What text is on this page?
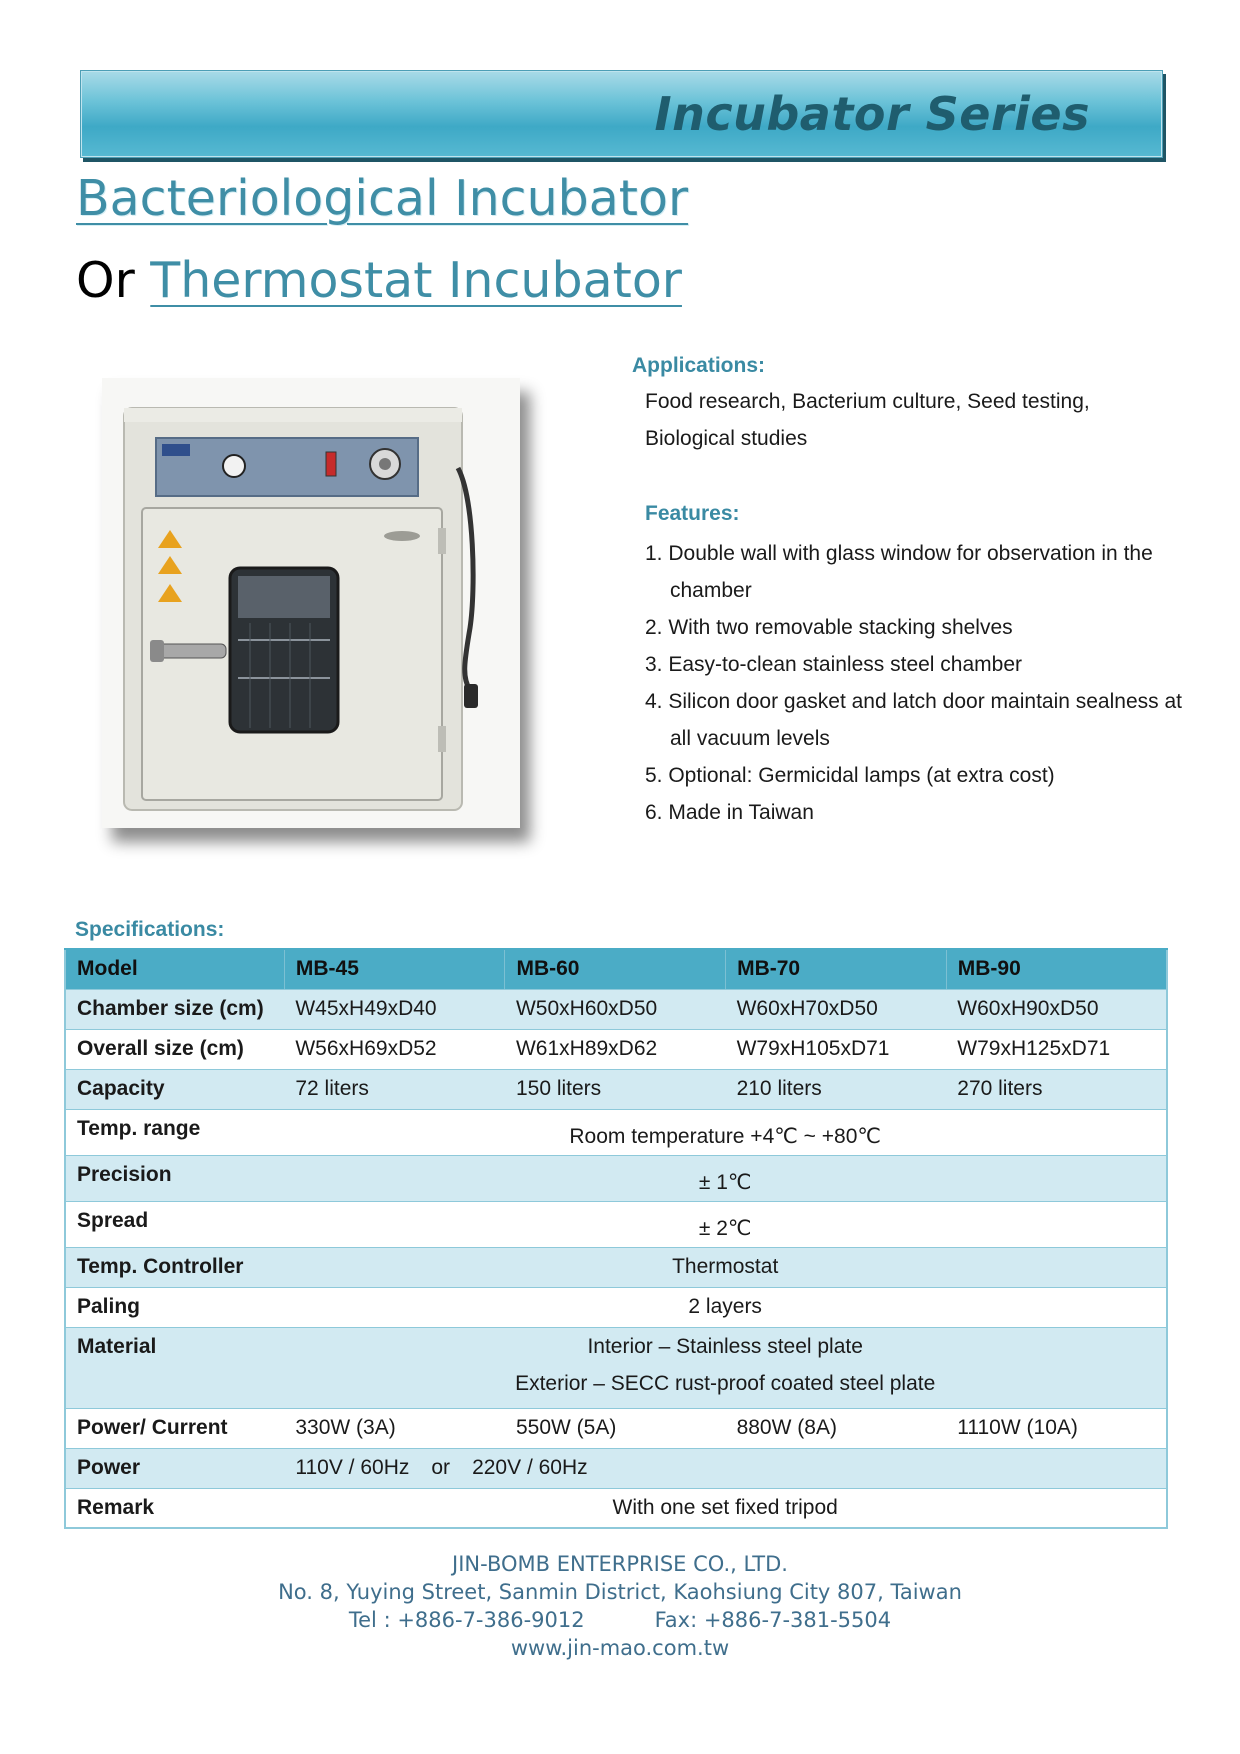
Incubator Series
Bacteriological Incubator
Or Thermostat Incubator
Applications:
Food research, Bacterium culture, Seed testing,
Biological studies
Features:
1. Double wall with glass window for observation in the chamber
2. With two removable stacking shelves
3. Easy-to-clean stainless steel chamber
4. Silicon door gasket and latch door maintain sealness at all vacuum levels
5. Optional: Germicidal lamps (at extra cost)
6. Made in Taiwan
Specifications:
Model	MB-45	MB-60	MB-70	MB-90
Chamber size (cm)	W45xH49xD40	W50xH60xD50	W60xH70xD50	W60xH90xD50
Overall size (cm)	W56xH69xD52	W61xH89xD62	W79xH105xD71	W79xH125xD71
Capacity	72 liters	150 liters	210 liters	270 liters
Temp. range	Room temperature +4℃ ~ +80℃			
Precision	± 1℃			
Spread	± 2℃			
Temp. Controller	Thermostat			
Paling	2 layers			
Material	Interior – Stainless steel plate
Exterior – SECC rust-proof coated steel plate			

Power/ Current	330W (3A)	550W (5A)	880W (8A)	1110W (10A)
Power	110V / 60Hz or 220V / 60Hz			
Remark	With one set fixed tripod			
JIN-BOMB ENTERPRISE CO., LTD.
No. 8, Yuying Street, Sanmin District, Kaohsiung City 807, Taiwan
Tel : +886-7-386-9012	Fax: +886-7-381-5504
www.jin-mao.com.tw
